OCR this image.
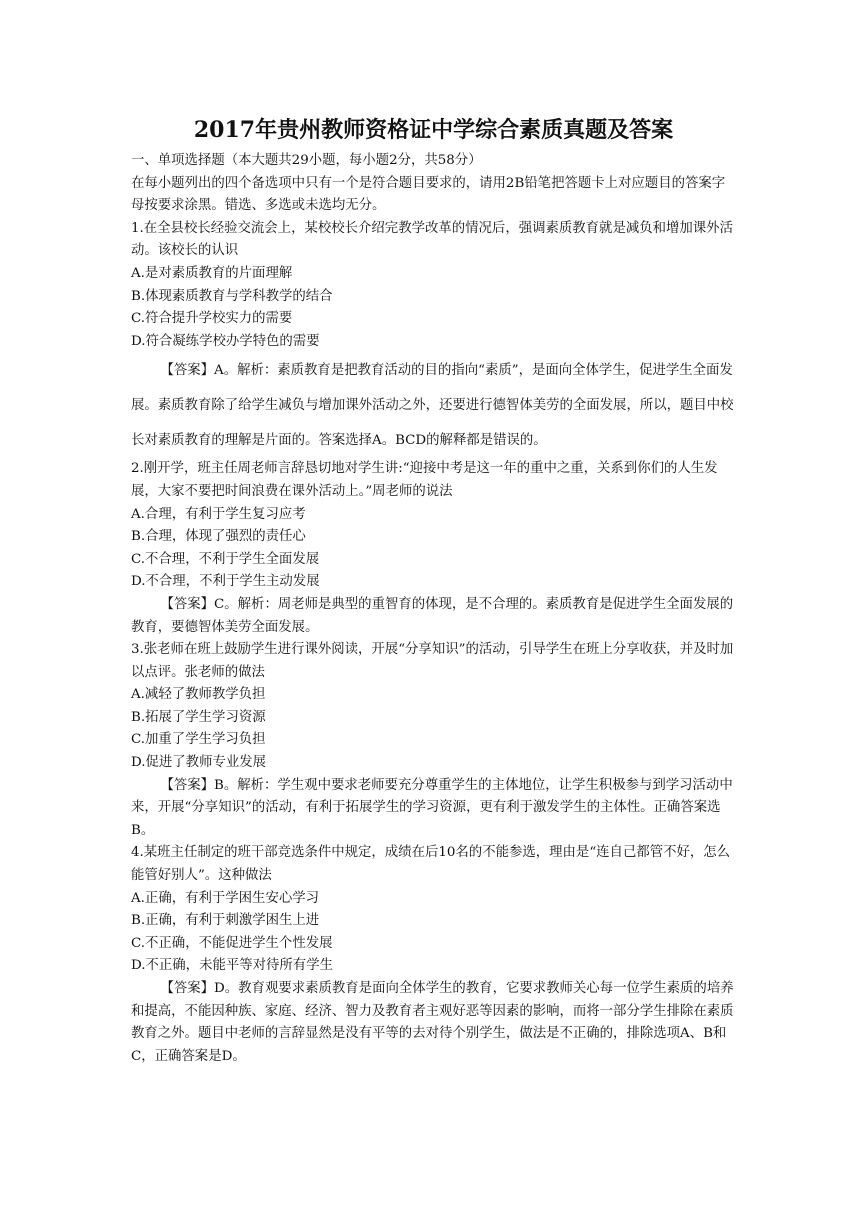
2017年贵州教师资格证中学综合素质真题及答案

一、单项选择题（本大题共29小题，每小题2分，共58分）

在每小题列出的四个备选项中只有一个是符合题目要求的，请用2B铅笔把答题卡上对应题目的答案字母按要求涂黑。错选、多选或未选均无分。

1.在全县校长经验交流会上，某校校长介绍完教学改革的情况后，强调素质教育就是减负和增加课外活动。该校长的认识

A.是对素质教育的片面理解

B.体现素质教育与学科教学的结合

C.符合提升学校实力的需要

D.符合凝练学校办学特色的需要

【答案】A。解析：素质教育是把教育活动的目的指向“素质”，是面向全体学生，促进学生全面发展。素质教育除了给学生减负与增加课外活动之外，还要进行德智体美劳的全面发展，所以，题目中校长对素质教育的理解是片面的。答案选择A。BCD的解释都是错误的。

2.刚开学，班主任周老师言辞恳切地对学生讲:“迎接中考是这一年的重中之重，关系到你们的人生发展，大家不要把时间浪费在课外活动上。”周老师的说法

A.合理，有利于学生复习应考

B.合理，体现了强烈的责任心

C.不合理，不利于学生全面发展

D.不合理，不利于学生主动发展

【答案】C。解析：周老师是典型的重智育的体现，是不合理的。素质教育是促进学生全面发展的教育，要德智体美劳全面发展。

3.张老师在班上鼓励学生进行课外阅读，开展“分享知识”的活动，引导学生在班上分享收获，并及时加以点评。张老师的做法

A.减轻了教师教学负担

B.拓展了学生学习资源

C.加重了学生学习负担

D.促进了教师专业发展

【答案】B。解析：学生观中要求老师要充分尊重学生的主体地位，让学生积极参与到学习活动中来，开展“分享知识”的活动，有利于拓展学生的学习资源，更有利于激发学生的主体性。正确答案选B。

4.某班主任制定的班干部竞选条件中规定，成绩在后10名的不能参选，理由是“连自己都管不好，怎么能管好别人”。这种做法

A.正确，有利于学困生安心学习

B.正确，有利于刺激学困生上进

C.不正确，不能促进学生个性发展

D.不正确，未能平等对待所有学生

【答案】D。教育观要求素质教育是面向全体学生的教育，它要求教师关心每一位学生素质的培养和提高，不能因种族、家庭、经济、智力及教育者主观好恶等因素的影响，而将一部分学生排除在素质教育之外。题目中老师的言辞显然是没有平等的去对待个别学生，做法是不正确的，排除选项A、B和C，正确答案是D。
